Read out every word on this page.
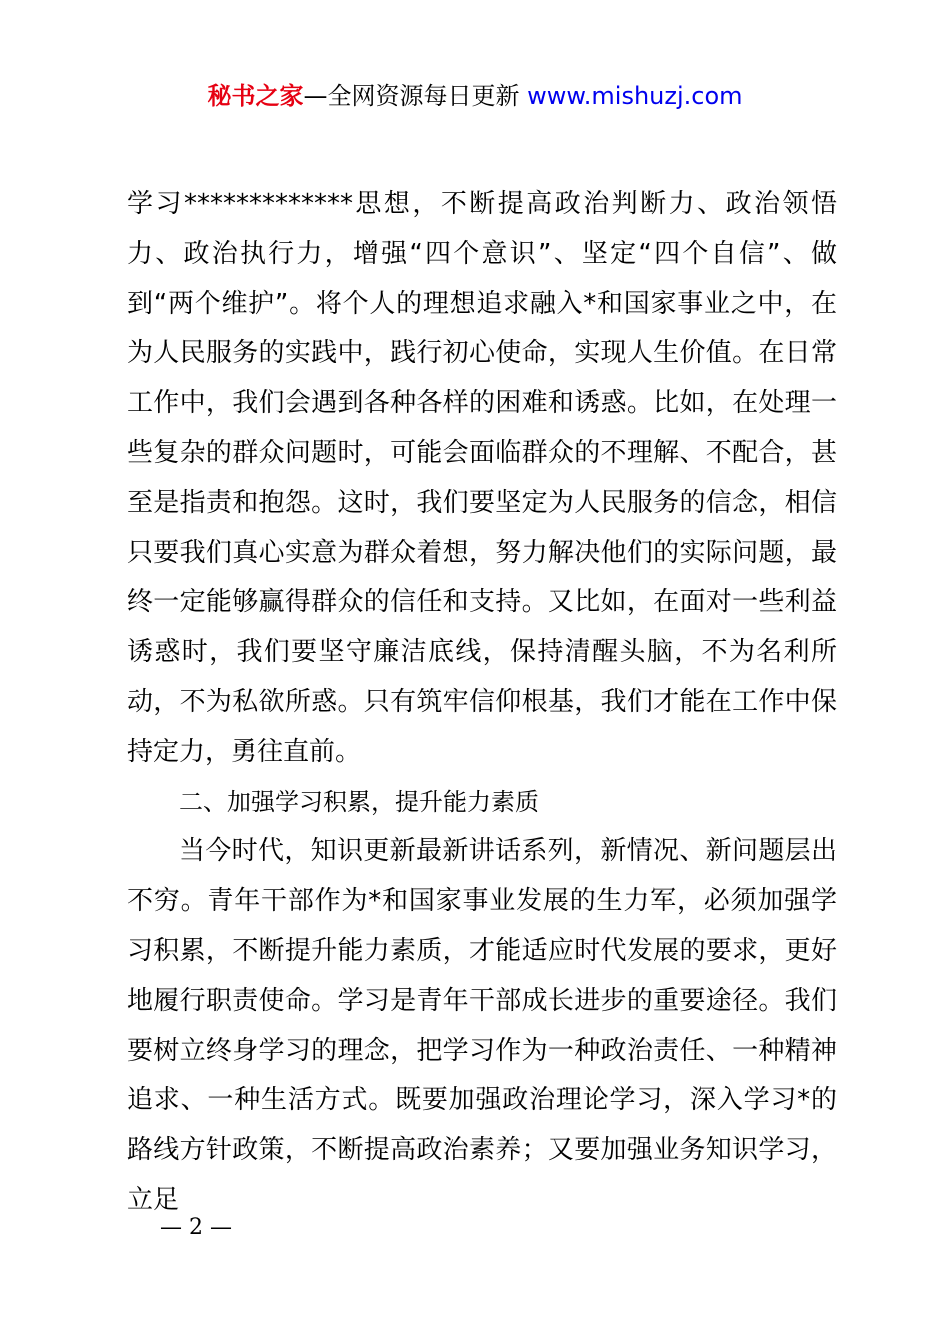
秘书之家—全网资源每日更新 www.mishuzj.com

学习*************思想，不断提高政治判断力、政治领悟力、政治执行力，增强“四个意识”、坚定“四个自信”、做到“两个维护”。将个人的理想追求融入*和国家事业之中，在为人民服务的实践中，践行初心使命，实现人生价值。在日常工作中，我们会遇到各种各样的困难和诱惑。比如，在处理一些复杂的群众问题时，可能会面临群众的不理解、不配合，甚至是指责和抱怨。这时，我们要坚定为人民服务的信念，相信只要我们真心实意为群众着想，努力解决他们的实际问题，最终一定能够赢得群众的信任和支持。又比如，在面对一些利益诱惑时，我们要坚守廉洁底线，保持清醒头脑，不为名利所动，不为私欲所惑。只有筑牢信仰根基，我们才能在工作中保持定力，勇往直前。

二、加强学习积累，提升能力素质

当今时代，知识更新最新讲话系列，新情况、新问题层出不穷。青年干部作为*和国家事业发展的生力军，必须加强学习积累，不断提升能力素质，才能适应时代发展的要求，更好地履行职责使命。学习是青年干部成长进步的重要途径。我们要树立终身学习的理念，把学习作为一种政治责任、一种精神追求、一种生活方式。既要加强政治理论学习，深入学习*的路线方针政策，不断提高政治素养；又要加强业务知识学习，立足

— 2 —
